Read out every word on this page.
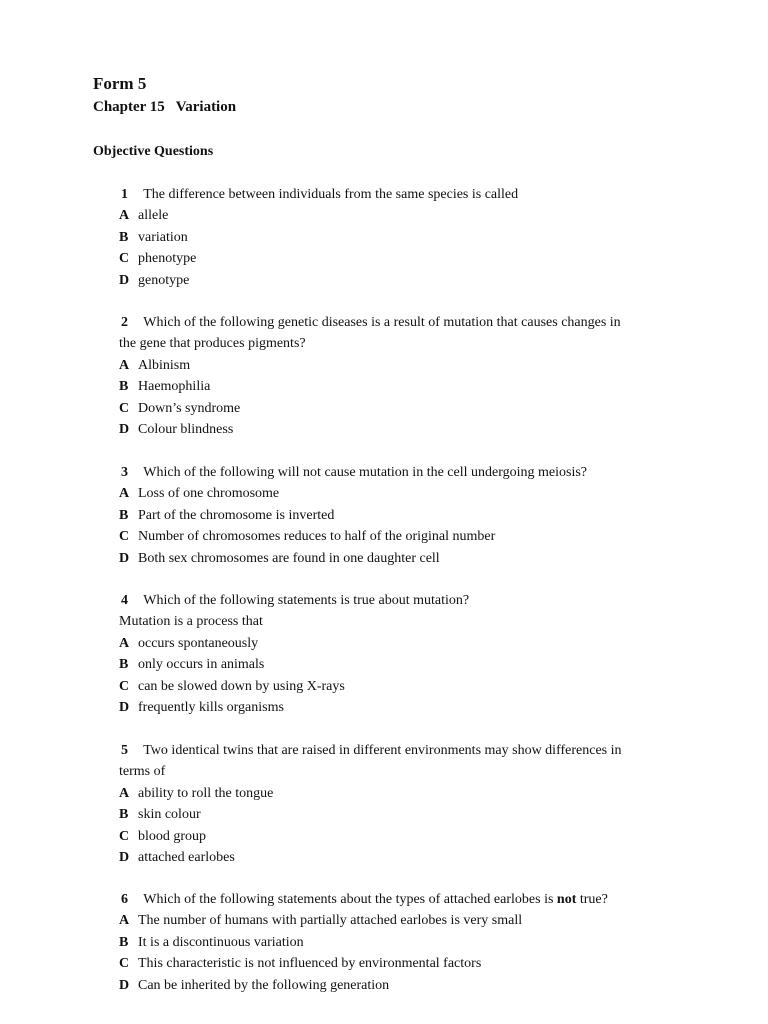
Form 5
Chapter 15   Variation
Objective Questions
1 The difference between individuals from the same species is called
A allele
B variation
C phenotype
D genotype
2 Which of the following genetic diseases is a result of mutation that causes changes in
the gene that produces pigments?
A Albinism
B Haemophilia
C Down’s syndrome
D Colour blindness
3 Which of the following will not cause mutation in the cell undergoing meiosis?
A Loss of one chromosome
B Part of the chromosome is inverted
C Number of chromosomes reduces to half of the original number
D Both sex chromosomes are found in one daughter cell
4 Which of the following statements is true about mutation?
Mutation is a process that
A occurs spontaneously
B only occurs in animals
C can be slowed down by using X-rays
D frequently kills organisms
5 Two identical twins that are raised in different environments may show differences in
terms of
A ability to roll the tongue
B skin colour
C blood group
D attached earlobes
6 Which of the following statements about the types of attached earlobes is not true?
A The number of humans with partially attached earlobes is very small
B It is a discontinuous variation
C This characteristic is not influenced by environmental factors
D Can be inherited by the following generation
